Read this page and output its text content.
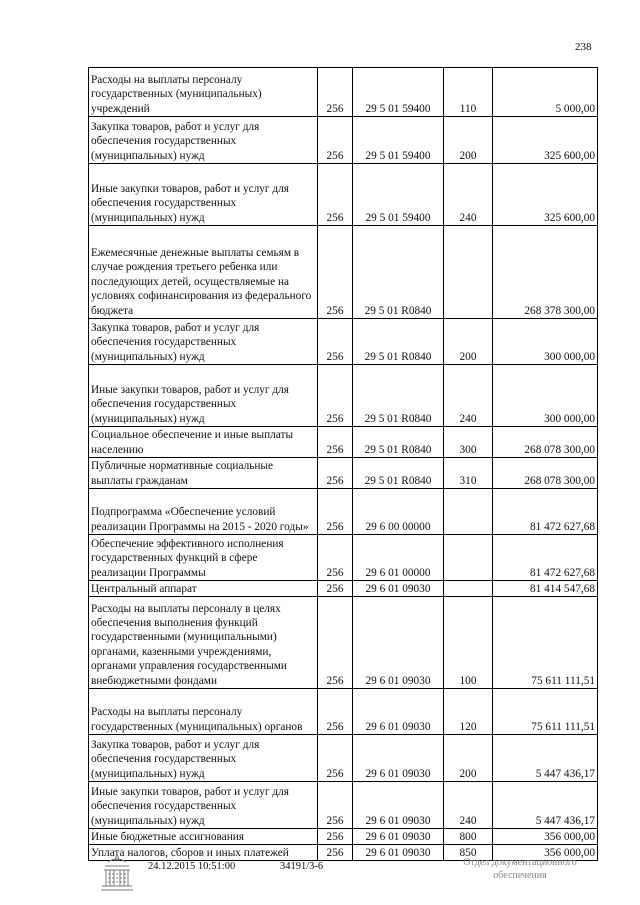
238
Расходы на выплаты персоналу государственных (муниципальных) учреждений	256	29 5 01 59400	110	5 000,00
Закупка товаров, работ и услуг для обеспечения государственных (муниципальных) нужд	256	29 5 01 59400	200	325 600,00
Иные закупки товаров, работ и услуг для обеспечения государственных (муниципальных) нужд	256	29 5 01 59400	240	325 600,00
Ежемесячные денежные выплаты семьям в случае рождения третьего ребенка или последующих детей, осуществляемые на условиях софинансирования из федерального бюджета	256	29 5 01 R0840		268 378 300,00
Закупка товаров, работ и услуг для обеспечения государственных (муниципальных) нужд	256	29 5 01 R0840	200	300 000,00
Иные закупки товаров, работ и услуг для обеспечения государственных (муниципальных) нужд	256	29 5 01 R0840	240	300 000,00
Социальное обеспечение и иные выплаты населению	256	29 5 01 R0840	300	268 078 300,00
Публичные нормативные социальные выплаты гражданам	256	29 5 01 R0840	310	268 078 300,00
Подпрограмма «Обеспечение условий реализации Программы на 2015 - 2020 годы»	256	29 6 00 00000		81 472 627,68
Обеспечение эффективного исполнения государственных функций в сфере реализации Программы	256	29 6 01 00000		81 472 627,68
Центральный аппарат	256	29 6 01 09030		81 414 547,68
Расходы на выплаты персоналу в целях обеспечения выполнения функций государственными (муниципальными) органами, казенными учреждениями, органами управления государственными внебюджетными фондами	256	29 6 01 09030	100	75 611 111,51
Расходы на выплаты персоналу государственных (муниципальных) органов	256	29 6 01 09030	120	75 611 111,51
Закупка товаров, работ и услуг для обеспечения государственных (муниципальных) нужд	256	29 6 01 09030	200	5 447 436,17
Иные закупки товаров, работ и услуг для обеспечения государственных (муниципальных) нужд	256	29 6 01 09030	240	5 447 436,17
Иные бюджетные ассигнования	256	29 6 01 09030	800	356 000,00
Уплата налогов, сборов и иных платежей	256	29 6 01 09030	850	356 000,00
24.12.2015 10:51:00	34191/3-6	Отдел документационного обеспечения
